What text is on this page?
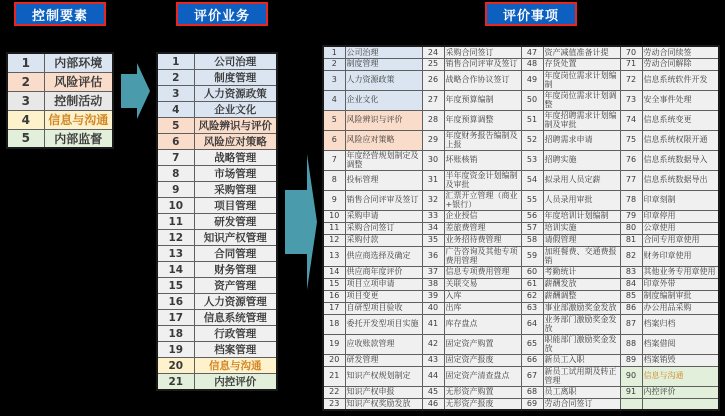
控制要素	评价业务	评价事项
1	内部环境
2	风险评估
3	控制活动
4	信息与沟通
5	内部监督
1	公司治理
2	制度管理
3	人力资源政策
4	企业文化
5	风险辨识与评价
6	风险应对策略
7	战略管理
8	市场管理
9	采购管理
10	项目管理
11	研发管理
12	知识产权管理
13	合同管理
14	财务管理
15	资产管理
16	人力资源管理
17	信息系统管理
18	行政管理
19	档案管理
20	信息与沟通
21	内控评价
1	公司治理	24	采购合同签订	47	资产减值准备计提	70	劳动合同续签
2	制度管理	25	销售合同评审及签订	48	存货处置	71	劳动合同解除
3	人力资源政策	26	战略合作协议签订	49	年度岗位需求计划编制	72	信息系统软件开发
4	企业文化	27	年度预算编制	50	年度岗位需求计划调整	73	安全事件处理
5	风险辨识与评价	28	年度预算调整	51	年度招聘需求计划编制及审批	74	信息系统变更
6	风险应对策略	29	年度财务报告编制及上报	52	招聘需求申请	75	信息系统权限开通
7	年度经营规划制定及调整	30	坏账核销	53	招聘实施	76	信息系统数据导入
8	投标管理	31	半年度资金计划编制及审批	54	拟录用人员定薪	77	信息系统数据导出
9	销售合同评审及签订	32	汇票开立管理（商业+银行）	55	人员录用审批	78	印章刻制
10	采购申请	33	企业授信	56	年度培训计划编制	79	印章停用
11	采购合同签订	34	差旅费管理	57	培训实施	80	公章使用
12	采购付款	35	业务招待费管理	58	请假管理	81	合同专用章使用
13	供应商选择及确定	36	广告咨询及其他专项费用管理	59	加班餐费、交通费报销	82	财务印章使用
14	供应商年度评价	37	信息专项费用管理	60	考勤统计	83	其他业务专用章使用
15	项目立项申请	38	关联交易	61	薪酬发放	84	印章外带
16	项目变更	39	入库	62	薪酬调整	85	制度编制审批
17	自研型项目验收	40	出库	63	事业部激励奖金发放	86	办公用品采购
18	委托开发型项目实施	41	库存盘点	64	业务部门激励奖金发放	87	档案归档
19	应收账款管理	42	固定资产购置	65	职能部门激励奖金发放	88	档案借阅
20	研发管理	43	固定资产报废	66	新员工入职	89	档案销毁
21	知识产权规划制定	44	固定资产清查盘点	67	新员工试用期及转正管理	90	信息与沟通
22	知识产权申报	45	无形资产购置	68	员工离职	91	内控评价
23	知识产权奖励发放	46	无形资产报废	69	劳动合同签订		
